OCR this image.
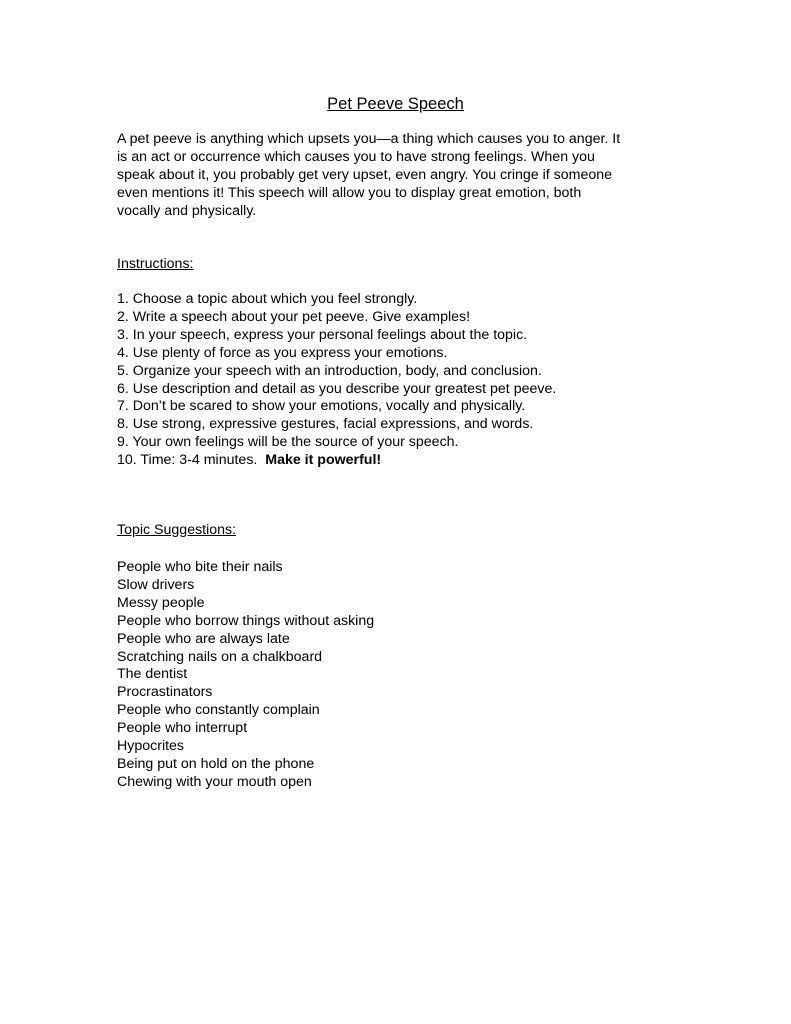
Pet Peeve Speech
A pet peeve is anything which upsets you—a thing which causes you to anger. It
is an act or occurrence which causes you to have strong feelings. When you
speak about it, you probably get very upset, even angry. You cringe if someone
even mentions it! This speech will allow you to display great emotion, both
vocally and physically.
Instructions:
1. Choose a topic about which you feel strongly.
2. Write a speech about your pet peeve. Give examples!
3. In your speech, express your personal feelings about the topic.
4. Use plenty of force as you express your emotions.
5. Organize your speech with an introduction, body, and conclusion.
6. Use description and detail as you describe your greatest pet peeve.
7. Don’t be scared to show your emotions, vocally and physically.
8. Use strong, expressive gestures, facial expressions, and words.
9. Your own feelings will be the source of your speech.
10. Time: 3-4 minutes.  Make it powerful!
Topic Suggestions:
People who bite their nails
Slow drivers
Messy people
People who borrow things without asking
People who are always late
Scratching nails on a chalkboard
The dentist
Procrastinators
People who constantly complain
People who interrupt
Hypocrites
Being put on hold on the phone
Chewing with your mouth open
